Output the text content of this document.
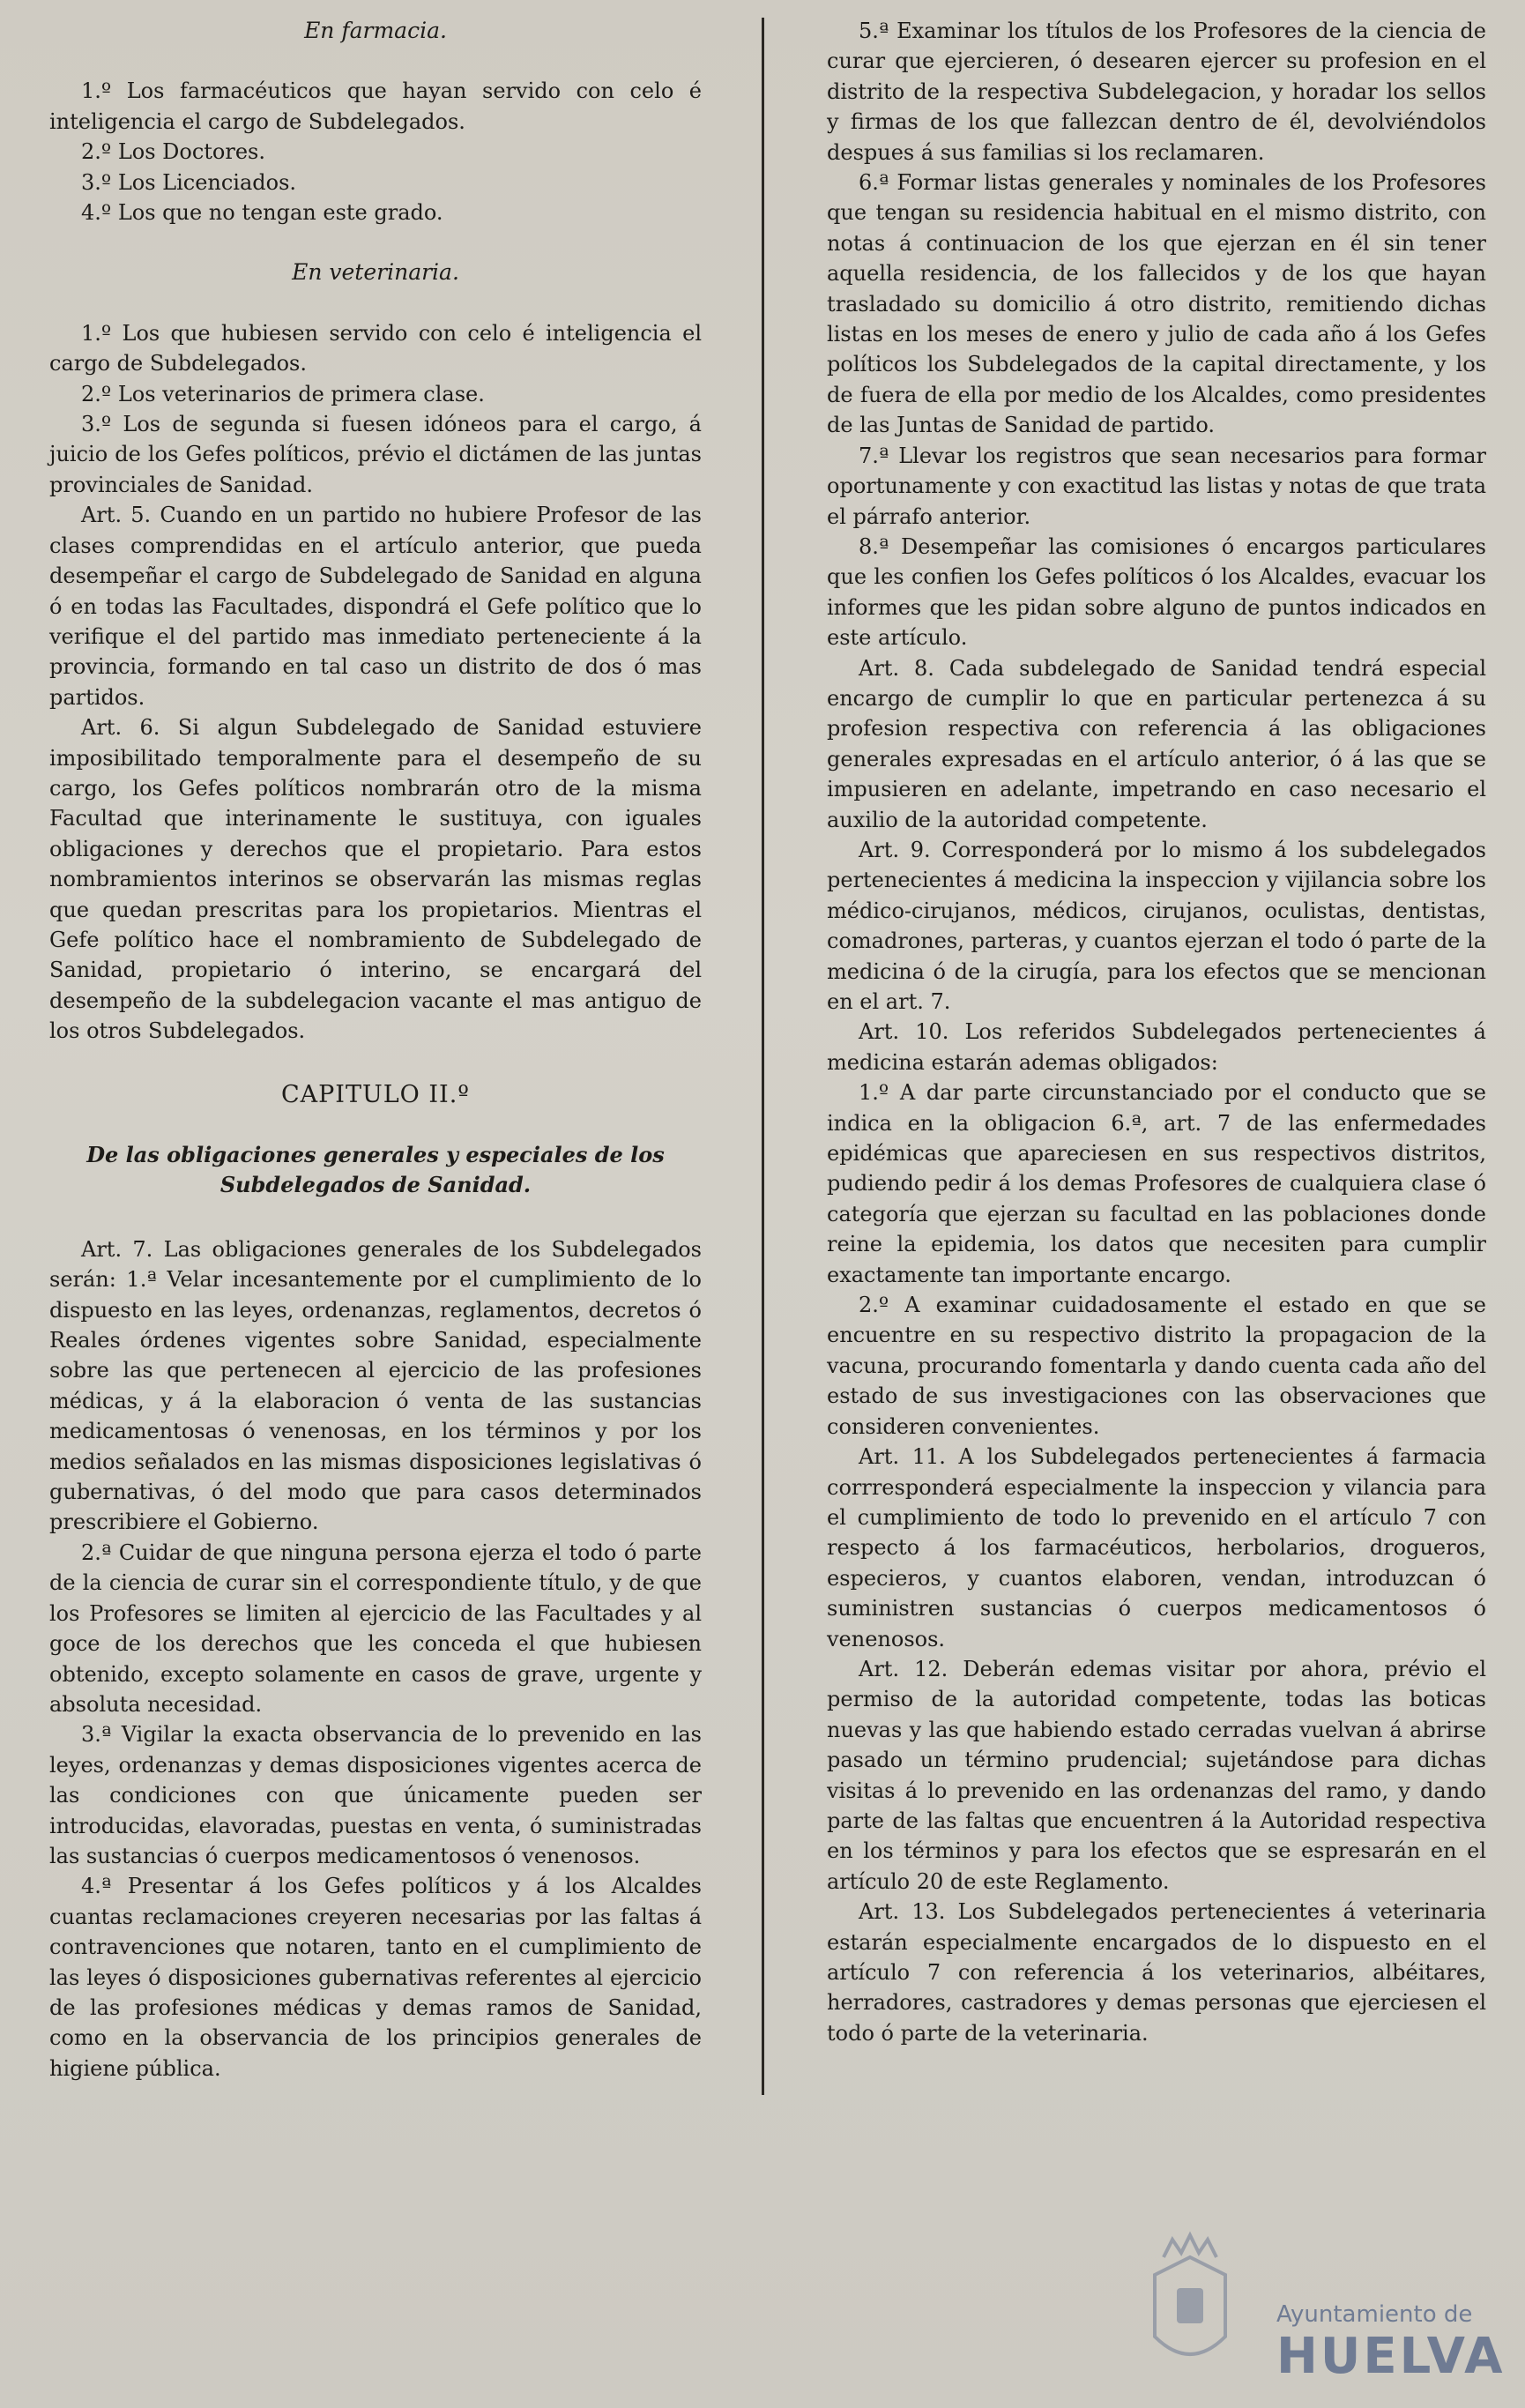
En farmacia.

1.º Los farmacéuticos que hayan servido con celo é inteligencia el cargo de Subdelegados.

2.º Los Doctores.

3.º Los Licenciados.

4.º Los que no tengan este grado.

En veterinaria.

1.º Los que hubiesen servido con celo é inteligencia el cargo de Subdelegados.

2.º Los veterinarios de primera clase.

3.º Los de segunda si fuesen idóneos para el cargo, á juicio de los Gefes políticos, prévio el dictámen de las juntas provinciales de Sanidad.

Art. 5. Cuando en un partido no hubiere Profesor de las clases comprendidas en el artículo anterior, que pueda desempeñar el cargo de Subdelegado de Sanidad en alguna ó en todas las Facultades, dispondrá el Gefe político que lo verifique el del partido mas inmediato perteneciente á la provincia, formando en tal caso un distrito de dos ó mas partidos.

Art. 6. Si algun Subdelegado de Sanidad estuviere imposibilitado temporalmente para el desempeño de su cargo, los Gefes políticos nombrarán otro de la misma Facultad que interinamente le sustituya, con iguales obligaciones y derechos que el propietario. Para estos nombramientos interinos se observarán las mismas reglas que quedan prescritas para los propietarios. Mientras el Gefe político hace el nombramiento de Subdelegado de Sanidad, propietario ó interino, se encargará del desempeño de la subdelegacion vacante el mas antiguo de los otros Subdelegados.

CAPITULO II.º

De las obligaciones generales y especiales de los Subdelegados de Sanidad.

Art. 7. Las obligaciones generales de los Subdelegados serán: 1.ª Velar incesantemente por el cumplimiento de lo dispuesto en las leyes, ordenanzas, reglamentos, decretos ó Reales órdenes vigentes sobre Sanidad, especialmente sobre las que pertenecen al ejercicio de las profesiones médicas, y á la elaboracion ó venta de las sustancias medicamentosas ó venenosas, en los términos y por los medios señalados en las mismas disposiciones legislativas ó gubernativas, ó del modo que para casos determinados prescribiere el Gobierno.

2.ª Cuidar de que ninguna persona ejerza el todo ó parte de la ciencia de curar sin el correspondiente título, y de que los Profesores se limiten al ejercicio de las Facultades y al goce de los derechos que les conceda el que hubiesen obtenido, excepto solamente en casos de grave, urgente y absoluta necesidad.

3.ª Vigilar la exacta observancia de lo prevenido en las leyes, ordenanzas y demas disposiciones vigentes acerca de las condiciones con que únicamente pueden ser introducidas, elavoradas, puestas en venta, ó suministradas las sustancias ó cuerpos medicamentosos ó venenosos.

4.ª Presentar á los Gefes políticos y á los Alcaldes cuantas reclamaciones creyeren necesarias por las faltas á contravenciones que notaren, tanto en el cumplimiento de las leyes ó disposiciones gubernativas referentes al ejercicio de las profesiones médicas y demas ramos de Sanidad, como en la observancia de los principios generales de higiene pública.

5.ª Examinar los títulos de los Profesores de la ciencia de curar que ejercieren, ó desearen ejercer su profesion en el distrito de la respectiva Subdelegacion, y horadar los sellos y firmas de los que fallezcan dentro de él, devolviéndolos despues á sus familias si los reclamaren.

6.ª Formar listas generales y nominales de los Profesores que tengan su residencia habitual en el mismo distrito, con notas á continuacion de los que ejerzan en él sin tener aquella residencia, de los fallecidos y de los que hayan trasladado su domicilio á otro distrito, remitiendo dichas listas en los meses de enero y julio de cada año á los Gefes políticos los Subdelegados de la capital directamente, y los de fuera de ella por medio de los Alcaldes, como presidentes de las Juntas de Sanidad de partido.

7.ª Llevar los registros que sean necesarios para formar oportunamente y con exactitud las listas y notas de que trata el párrafo anterior.

8.ª Desempeñar las comisiones ó encargos particulares que les confien los Gefes políticos ó los Alcaldes, evacuar los informes que les pidan sobre alguno de puntos indicados en este artículo.

Art. 8. Cada subdelegado de Sanidad tendrá especial encargo de cumplir lo que en particular pertenezca á su profesion respectiva con referencia á las obligaciones generales expresadas en el artículo anterior, ó á las que se impusieren en adelante, impetrando en caso necesario el auxilio de la autoridad competente.

Art. 9. Corresponderá por lo mismo á los subdelegados pertenecientes á medicina la inspeccion y vijilancia sobre los médico-cirujanos, médicos, cirujanos, oculistas, dentistas, comadrones, parteras, y cuantos ejerzan el todo ó parte de la medicina ó de la cirugía, para los efectos que se mencionan en el art. 7.

Art. 10. Los referidos Subdelegados pertenecientes á medicina estarán ademas obligados:

1.º A dar parte circunstanciado por el conducto que se indica en la obligacion 6.ª, art. 7 de las enfermedades epidémicas que apareciesen en sus respectivos distritos, pudiendo pedir á los demas Profesores de cualquiera clase ó categoría que ejerzan su facultad en las poblaciones donde reine la epidemia, los datos que necesiten para cumplir exactamente tan importante encargo.

2.º A examinar cuidadosamente el estado en que se encuentre en su respectivo distrito la propagacion de la vacuna, procurando fomentarla y dando cuenta cada año del estado de sus investigaciones con las observaciones que consideren convenientes.

Art. 11. A los Subdelegados pertenecientes á farmacia corrresponderá especialmente la inspeccion y vilancia para el cumplimiento de todo lo prevenido en el artículo 7 con respecto á los farmacéuticos, herbolarios, drogueros, especieros, y cuantos elaboren, vendan, introduzcan ó suministren sustancias ó cuerpos medicamentosos ó venenosos.

Art. 12. Deberán edemas visitar por ahora, prévio el permiso de la autoridad competente, todas las boticas nuevas y las que habiendo estado cerradas vuelvan á abrirse pasado un término prudencial; sujetándose para dichas visitas á lo prevenido en las ordenanzas del ramo, y dando parte de las faltas que encuentren á la Autoridad respectiva en los términos y para los efectos que se espresarán en el artículo 20 de este Reglamento.

Art. 13. Los Subdelegados pertenecientes á veterinaria estarán especialmente encargados de lo dispuesto en el artículo 7 con referencia á los veterinarios, albéitares, herradores, castradores y demas personas que ejerciesen el todo ó parte de la veterinaria.

Ayuntamiento de
HUELVA
